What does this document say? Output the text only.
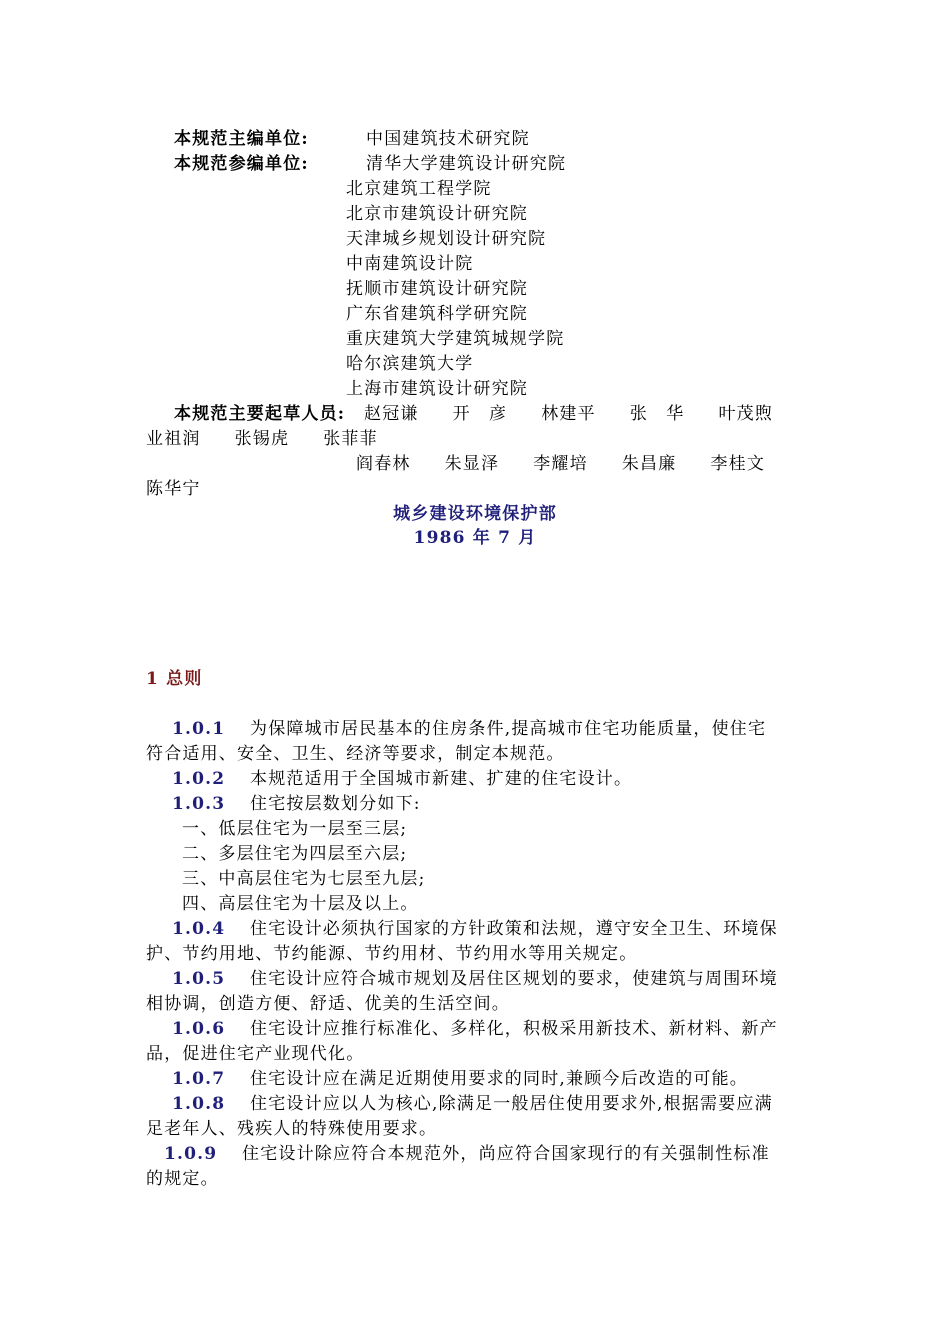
本规范主编单位:	中国建筑技术研究院
本规范参编单位:	清华大学建筑设计研究院
北京建筑工程学院
北京市建筑设计研究院
天津城乡规划设计研究院
中南建筑设计院
抚顺市建筑设计研究院
广东省建筑科学研究院
重庆建筑大学建筑城规学院
哈尔滨建筑大学
上海市建筑设计研究院
本规范主要起草人员: 赵冠谦 开　彦 林建平 张　华 叶茂煦
业祖润 张锡虎 张菲菲
阎春林 朱显泽 李耀培 朱昌廉 李桂文
陈华宁
城乡建设环境保护部
1986 年 7 月
1 总则
1.0.1 为保障城市居民基本的住房条件,提高城市住宅功能质量，使住宅
符合适用、安全、卫生、经济等要求，制定本规范。
1.0.2 本规范适用于全国城市新建、扩建的住宅设计。
1.0.3 住宅按层数划分如下:
一、低层住宅为一层至三层;
二、多层住宅为四层至六层;
三、中高层住宅为七层至九层;
四、高层住宅为十层及以上。
1.0.4 住宅设计必须执行国家的方针政策和法规，遵守安全卫生、环境保
护、节约用地、节约能源、节约用材、节约用水等用关规定。
1.0.5 住宅设计应符合城市规划及居住区规划的要求，使建筑与周围环境
相协调，创造方便、舒适、优美的生活空间。
1.0.6 住宅设计应推行标准化、多样化，积极采用新技术、新材料、新产
品，促进住宅产业现代化。
1.0.7 住宅设计应在满足近期使用要求的同时,兼顾今后改造的可能。
1.0.8 住宅设计应以人为核心,除满足一般居住使用要求外,根据需要应满
足老年人、残疾人的特殊使用要求。
1.0.9 住宅设计除应符合本规范外，尚应符合国家现行的有关强制性标准
的规定。
